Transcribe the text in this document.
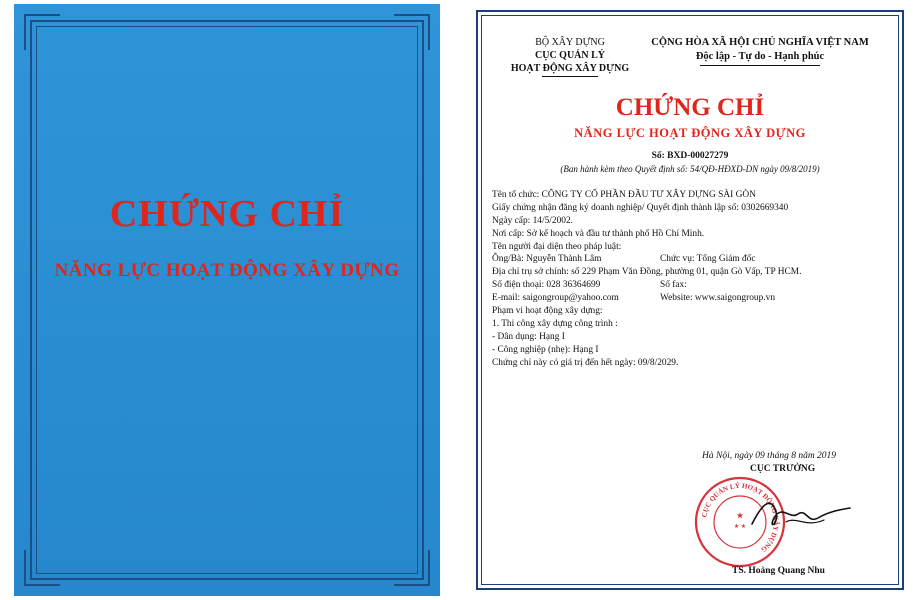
CHỨNG CHỈ
NĂNG LỰC HOẠT ĐỘNG XÂY DỰNG
BỘ XÂY DỰNG
CỤC QUẢN LÝ
HOẠT ĐỘNG XÂY DỰNG
CỘNG HÒA XÃ HỘI CHỦ NGHĨA VIỆT NAM
Độc lập - Tự do - Hạnh phúc
CHỨNG CHỈ
NĂNG LỰC HOẠT ĐỘNG XÂY DỰNG
Số: BXD-00027279
(Ban hành kèm theo Quyết định số: 54/QĐ-HĐXD-DN ngày 09/8/2019)
Tên tổ chức: CÔNG TY CỔ PHẦN ĐẦU TƯ XÂY DỰNG SÀI GÒN
Giấy chứng nhận đăng ký doanh nghiệp/ Quyết định thành lập số: 0302669340
Ngày cấp: 14/5/2002.
Nơi cấp: Sở kế hoạch và đầu tư thành phố Hồ Chí Minh.
Tên người đại diện theo pháp luật:
Ông/Bà: Nguyễn Thành Lâm	Chức vụ: Tổng Giám đốc
Địa chỉ trụ sở chính: số 229 Phạm Văn Đồng, phường 01, quận Gò Vấp, TP HCM.
Số điện thoại: 028 36364699	Số fax:
E-mail: saigongroup@yahoo.com	Website: www.saigongroup.vn
Phạm vi hoạt động xây dựng:
1. Thi công xây dựng công trình :
- Dân dụng: Hạng I
- Công nghiệp (nhẹ): Hạng I
Chứng chỉ này có giá trị đến hết ngày: 09/8/2029.
Hà Nội, ngày 09 tháng 8 năm 2019
CỤC TRƯỞNG
CỤC QUẢN LÝ HOẠT ĐỘNG XÂY DỰNG
★
★ ★
TS. Hoàng Quang Nhu
